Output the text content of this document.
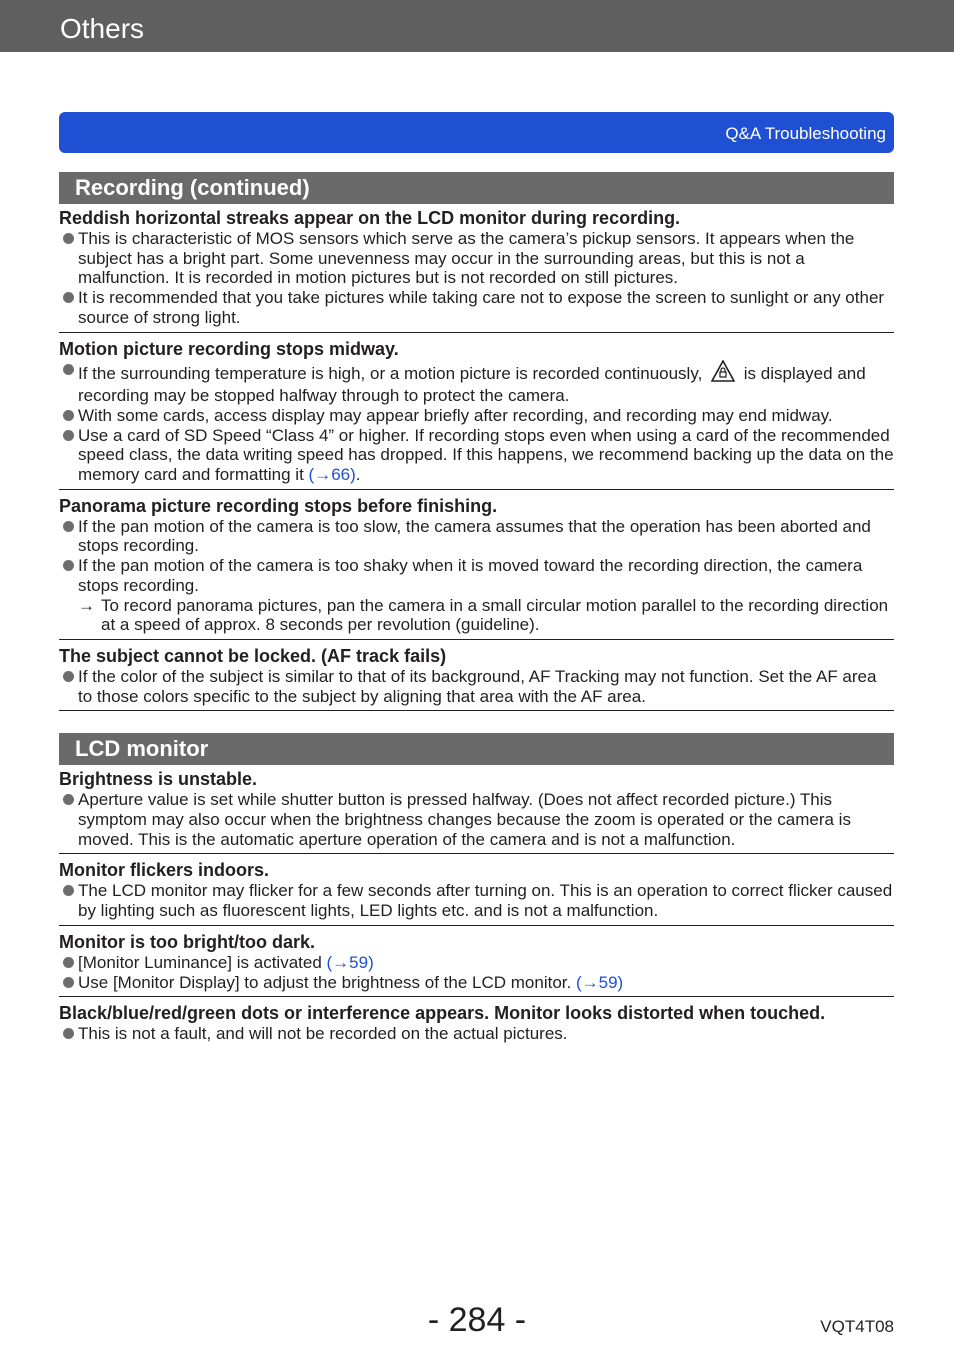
Others
Q&A Troubleshooting
Recording (continued)

Reddish horizontal streaks appear on the LCD monitor during recording.

This is characteristic of MOS sensors which serve as the camera’s pickup sensors. It appears when the subject has a bright part. Some unevenness may occur in the surrounding areas, but this is not a malfunction. It is recorded in motion pictures but is not recorded on still pictures.
It is recommended that you take pictures while taking care not to expose the screen to sunlight or any other source of strong light.

Motion picture recording stops midway.

If the surrounding temperature is high, or a motion picture is recorded continuously, is displayed and recording may be stopped halfway through to protect the camera.
With some cards, access display may appear briefly after recording, and recording may end midway.
Use a card of SD Speed “Class 4” or higher. If recording stops even when using a card of the recommended speed class, the data writing speed has dropped. If this happens, we recommend backing up the data on the memory card and formatting it (→66).

Panorama picture recording stops before finishing.

If the pan motion of the camera is too slow, the camera assumes that the operation has been aborted and stops recording.
If the pan motion of the camera is too shaky when it is moved toward the recording direction, the camera stops recording.
→ To record panorama pictures, pan the camera in a small circular motion parallel to the recording direction at a speed of approx. 8 seconds per revolution (guideline).

The subject cannot be locked. (AF track fails)

If the color of the subject is similar to that of its background, AF Tracking may not function. Set the AF area to those colors specific to the subject by aligning that area with the AF area.
LCD monitor

Brightness is unstable.

Aperture value is set while shutter button is pressed halfway. (Does not affect recorded picture.) This symptom may also occur when the brightness changes because the zoom is operated or the camera is moved. This is the automatic aperture operation of the camera and is not a malfunction.

Monitor flickers indoors.

The LCD monitor may flicker for a few seconds after turning on. This is an operation to correct flicker caused by lighting such as fluorescent lights, LED lights etc. and is not a malfunction.

Monitor is too bright/too dark.

[Monitor Luminance] is activated (→59)
Use [Monitor Display] to adjust the brightness of the LCD monitor. (→59)

Black/blue/red/green dots or interference appears. Monitor looks distorted when touched.

This is not a fault, and will not be recorded on the actual pictures.
- 284 -	VQT4T08
